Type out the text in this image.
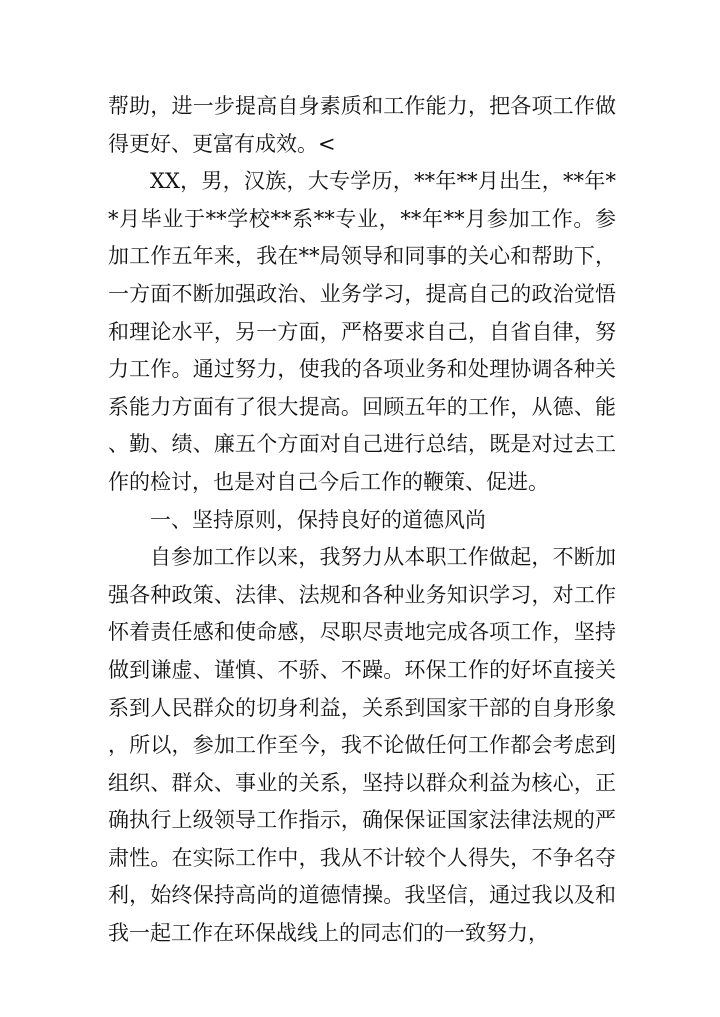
帮助，进一步提高自身素质和工作能力，把各项工作做得更好、更富有成效。<

XX，男，汉族，大专学历，**年**月出生，**年**月毕业于**学校**系**专业，**年**月参加工作。参加工作五年来，我在**局领导和同事的关心和帮助下，一方面不断加强政治、业务学习，提高自己的政治觉悟和理论水平，另一方面，严格要求自己，自省自律，努力工作。通过努力，使我的各项业务和处理协调各种关系能力方面有了很大提高。回顾五年的工作，从德、能、勤、绩、廉五个方面对自己进行总结，既是对过去工作的检讨，也是对自己今后工作的鞭策、促进。

一、坚持原则，保持良好的道德风尚

自参加工作以来，我努力从本职工作做起，不断加强各种政策、法律、法规和各种业务知识学习，对工作怀着责任感和使命感，尽职尽责地完成各项工作，坚持做到谦虚、谨慎、不骄、不躁。环保工作的好坏直接关系到人民群众的切身利益，关系到国家干部的自身形象，所以，参加工作至今，我不论做任何工作都会考虑到组织、群众、事业的关系，坚持以群众利益为核心，正确执行上级领导工作指示，确保保证国家法律法规的严肃性。在实际工作中，我从不计较个人得失，不争名夺利，始终保持高尚的道德情操。我坚信，通过我以及和我一起工作在环保战线上的同志们的一致努力，
